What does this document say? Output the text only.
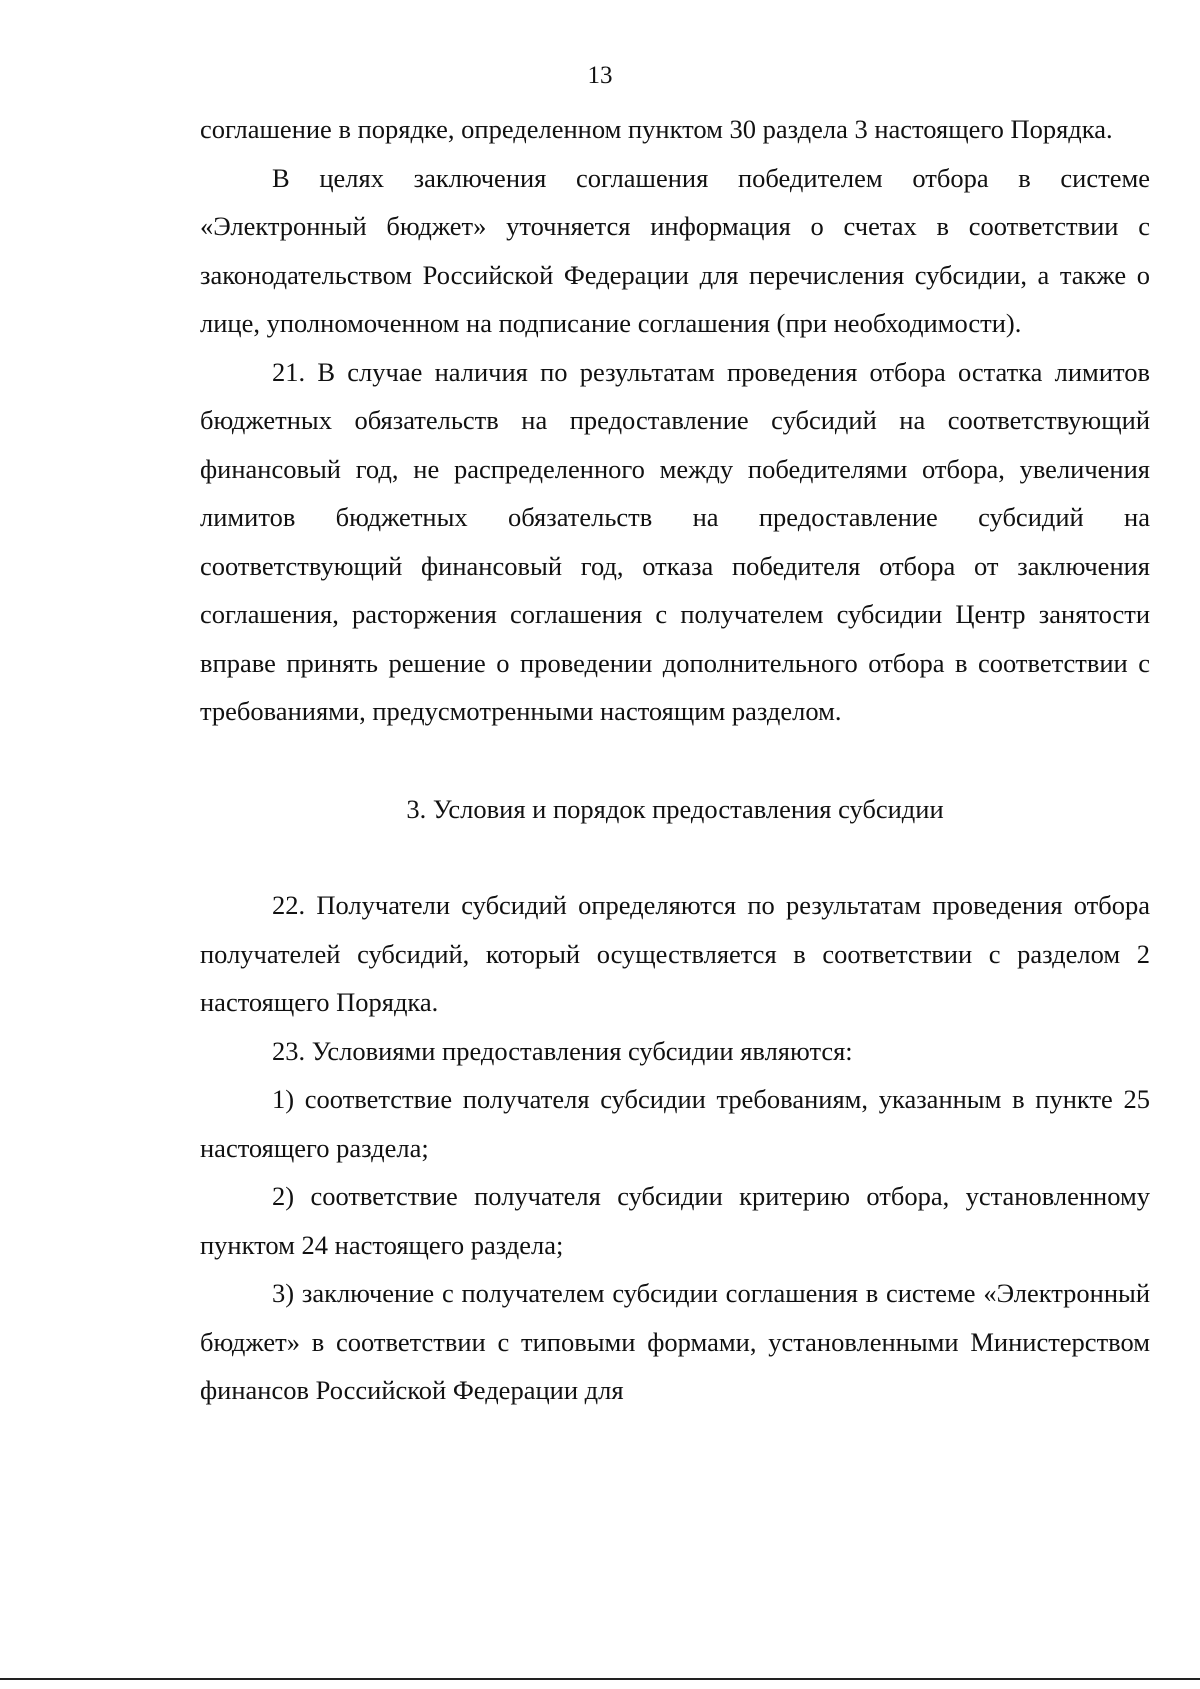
13

соглашение в порядке, определенном пунктом 30 раздела 3 настоящего Порядка.

В целях заключения соглашения победителем отбора в системе «Электронный бюджет» уточняется информация о счетах в соответствии с законодательством Российской Федерации для перечисления субсидии, а также о лице, уполномоченном на подписание соглашения (при необходимости).

21. В случае наличия по результатам проведения отбора остатка лимитов бюджетных обязательств на предоставление субсидий на соответствующий финансовый год, не распределенного между победителями отбора, увеличения лимитов бюджетных обязательств на предоставление субсидий на соответствующий финансовый год, отказа победителя отбора от заключения соглашения, расторжения соглашения с получателем субсидии Центр занятости вправе принять решение о проведении дополнительного отбора в соответствии с требованиями, предусмотренными настоящим разделом.

3. Условия и порядок предоставления субсидии

22. Получатели субсидий определяются по результатам проведения отбора получателей субсидий, который осуществляется в соответствии с разделом 2 настоящего Порядка.

23. Условиями предоставления субсидии являются:

1) соответствие получателя субсидии требованиям, указанным в пункте 25 настоящего раздела;

2) соответствие получателя субсидии критерию отбора, установленному пунктом 24 настоящего раздела;

3) заключение с получателем субсидии соглашения в системе «Электронный бюджет» в соответствии с типовыми формами, установленными Министерством финансов Российской Федерации для
